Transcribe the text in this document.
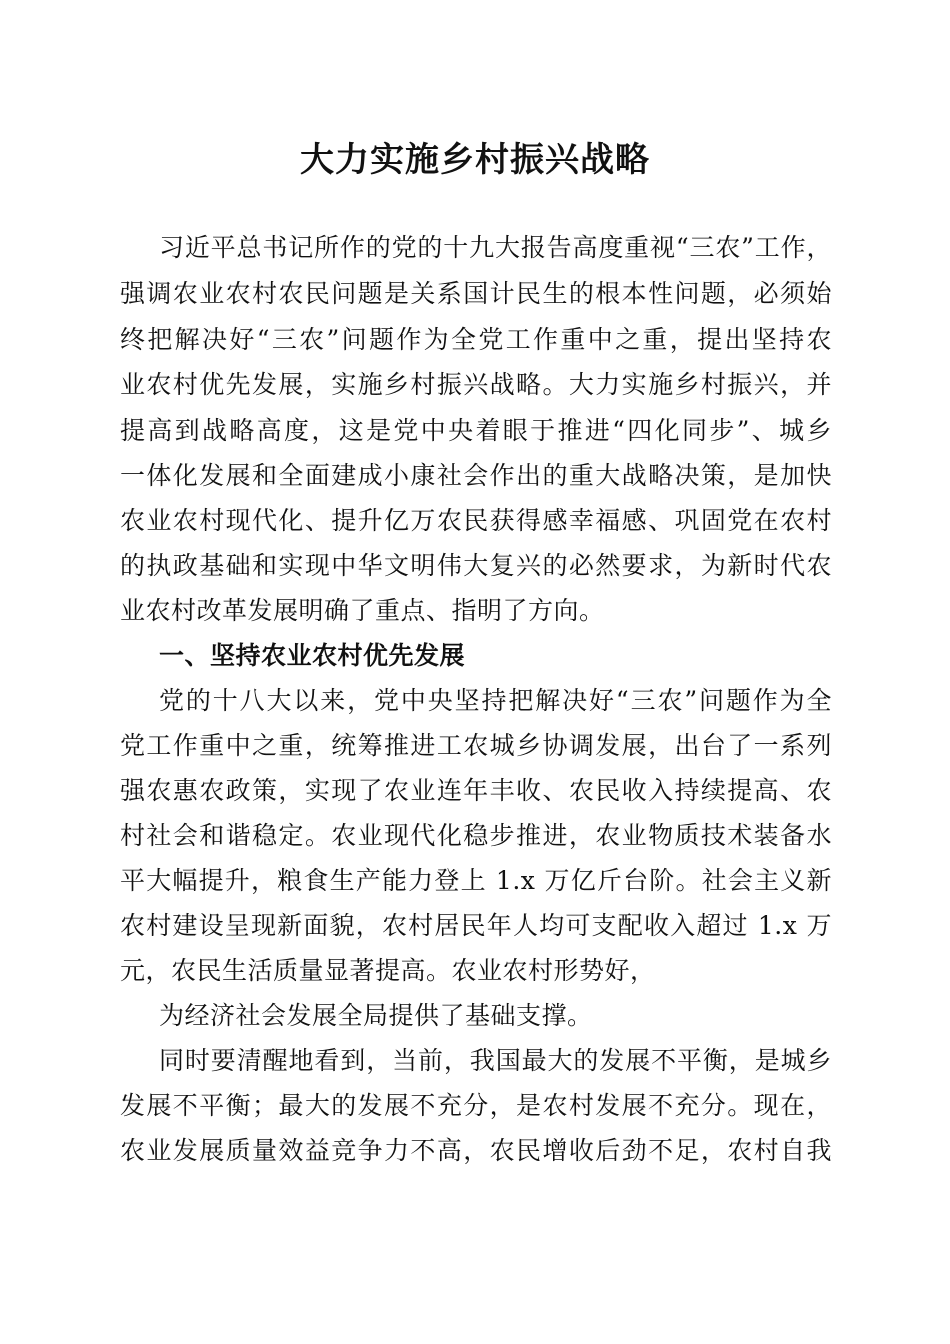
大力实施乡村振兴战略

习近平总书记所作的党的十九大报告高度重视“三农”工作，

强调农业农村农民问题是关系国计民生的根本性问题，必须始

终把解决好“三农”问题作为全党工作重中之重，提出坚持农

业农村优先发展，实施乡村振兴战略。大力实施乡村振兴，并

提高到战略高度，这是党中央着眼于推进“四化同步”、城乡

一体化发展和全面建成小康社会作出的重大战略决策，是加快

农业农村现代化、提升亿万农民获得感幸福感、巩固党在农村

的执政基础和实现中华文明伟大复兴的必然要求，为新时代农

业农村改革发展明确了重点、指明了方向。

一、坚持农业农村优先发展

党的十八大以来，党中央坚持把解决好“三农”问题作为全

党工作重中之重，统筹推进工农城乡协调发展，出台了一系列

强农惠农政策，实现了农业连年丰收、农民收入持续提高、农

村社会和谐稳定。农业现代化稳步推进，农业物质技术装备水

平大幅提升，粮食生产能力登上 1.x 万亿斤台阶。社会主义新

农村建设呈现新面貌，农村居民年人均可支配收入超过 1.x 万

元，农民生活质量显著提高。农业农村形势好，

为经济社会发展全局提供了基础支撑。

同时要清醒地看到，当前，我国最大的发展不平衡，是城乡

发展不平衡；最大的发展不充分，是农村发展不充分。现在，

农业发展质量效益竞争力不高，农民增收后劲不足，农村自我
